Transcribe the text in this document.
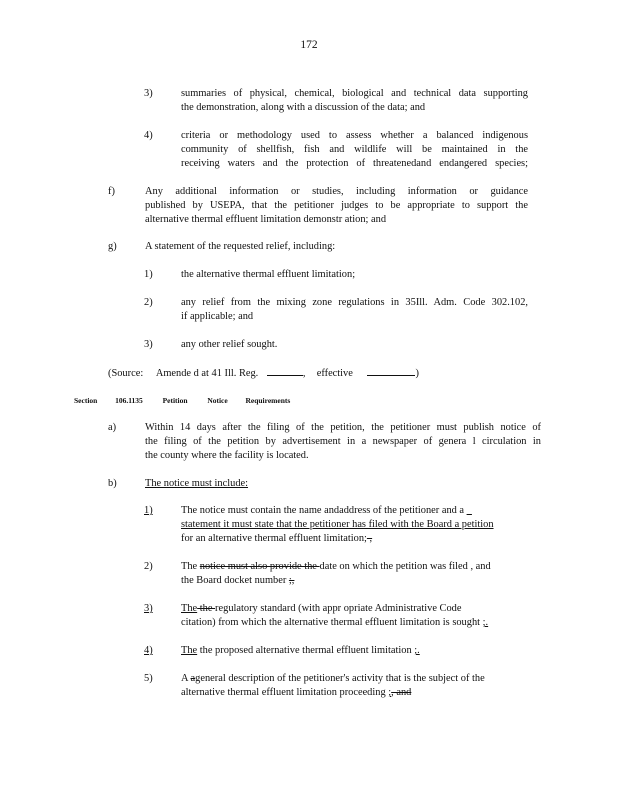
172
3)	summaries of physical, chemical, biological and technical data supporting
the demonstration, along with a discussion of the data; and
4)	criteria or methodology used to assess whether a balanced indigenous
community of shellfish, fish and wildlife will be maintained in the
receiving waters and the protection of threatenedand endangered species;
f)	Any additional information or studies, including information or guidance
published by USEPA, that the petitioner judges to be appropriate to support the
alternative thermal effluent limitation demonstr ation; and
g)	A statement of the requested relief, including:
1)	the alternative thermal effluent limitation;
2)	any relief from the mixing zone regulations in 35Ill. Adm. Code 302.102,
if applicable; and
3)	any other relief sought.
(Source: Amende d at 41 Ill. Reg.	,  effective	)
Section 106.1135	Petition	Notice Requirements
a)	Within 14 days after the filing of the petition, the petitioner must publish notice of
the filing of the petition by advertisement in a newspaper of genera l circulation in
the county where the facility is located.
b)	The notice must include:
1)	The notice must contain the name andaddress of the petitioner and a _
statement it must state that the petitioner has filed with the Board a petition
for an alternative thermal effluent limitation; ,
2)	The notice must also provide the date on which the petition was filed , and
the Board docket number ;,
3)	The the regulatory standard (with appr opriate Administrative Code
citation) from which the alternative thermal effluent limitation is sought ;.
4)	The the proposed alternative thermal effluent limitation ;.
5)	A ageneral description of the petitioner's activity that is the subject of the
alternative thermal effluent limitation proceeding ;, and
